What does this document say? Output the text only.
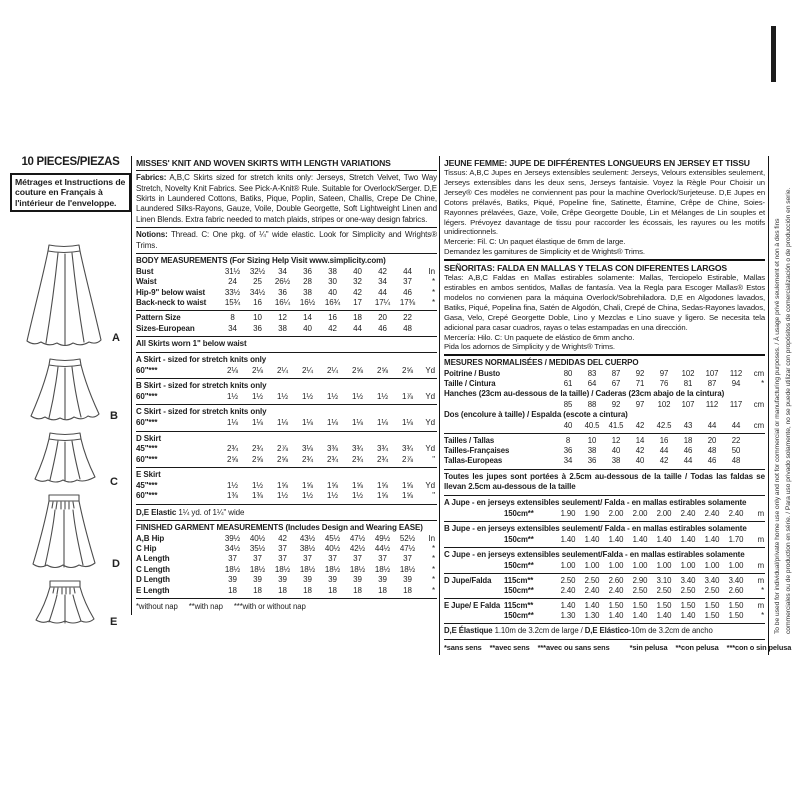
10 PIECES/PIEZAS
Métrages et Instructions de couture en Français à l'intérieur de l'enveloppe.
A
B
C
D
E
MISSES' KNIT AND WOVEN SKIRTS WITH LENGTH VARIATIONS
Fabrics: A,B,C Skirts sized for stretch knits only: Jerseys, Stretch Velvet, Two Way Stretch, Novelty Knit Fabrics. See Pick-A-Knit® Rule. Suitable for Overlock/Serger. D,E Skirts in Laundered Cottons, Batiks, Pique, Poplin, Sateen, Challis, Crepe De Chine, Laundered Silks-Rayons, Gauze, Voile, Double Georgette, Soft Lightweight Linen and Linen Blends. Extra fabric needed to match plaids, stripes or one-way design fabrics.
Notions: Thread. C: One pkg. of ¼" wide elastic. Look for Simplicity and Wrights® Trims.
BODY MEASUREMENTS (For Sizing Help Visit www.simplicity.com)
Bust	31½	32½	34	36	38	40	42	44	In
Waist	24	25	26½	28	30	32	34	37	*
Hip-9" below waist	33½	34½	36	38	40	42	44	46	*
Back-neck to waist	15¾	16	16¼	16½	16¾	17	17¼	17⅜	*
Pattern Size	8	10	12	14	16	18	20	22
Sizes-European	34	36	38	40	42	44	46	48
All Skirts worn 1" below waist
A Skirt - sized for stretch knits only
60"***	2⅛	2⅛	2¼	2¼	2¼	2⅝	2⅝	2⅝	Yd
B Skirt - sized for stretch knits only
60"***	1½	1½	1½	1½	1½	1½	1½	1⅞	Yd
C Skirt - sized for stretch knits only
60"***	1⅛	1⅛	1⅛	1⅛	1⅛	1⅛	1⅛	1⅛	Yd
D Skirt
45"***	2¾	2¾	2⅞	3⅛	3⅜	3¾	3¾	3¾	Yd
60"***	2⅝	2⅝	2⅝	2¾	2¾	2¾	2¾	2⅞	"
E Skirt
45"***	1½	1½	1⅝	1⅝	1⅝	1⅝	1⅝	1⅝	Yd
60"***	1⅜	1⅜	1½	1½	1½	1½	1⅝	1⅝	"
D,E Elastic 1¼ yd. of 1¼" wide
FINISHED GARMENT MEASUREMENTS (Includes Design and Wearing EASE)
A,B Hip	39½	40½	42	43½	45½	47½	49½	52½	In
C Hip	34½	35½	37	38½	40½	42½	44½	47½	*
A Length	37	37	37	37	37	37	37	37	*
C Length	18½	18½	18½	18½	18½	18½	18½	18½	*
D Length	39	39	39	39	39	39	39	39	*
E Length	18	18	18	18	18	18	18	18	*
*without nap **with nap ***with or without nap
JEUNE FEMME: JUPE DE DIFFÉRENTES LONGUEURS EN JERSEY ET TISSU
Tissus: A,B,C Jupes en Jerseys extensibles seulement: Jerseys, Velours extensibles seulement, Jerseys extensibles dans les deux sens, Jerseys fantaisie. Voyez la Règle Pour Choisir un Jersey® Ces modèles ne conviennent pas pour la machine Overlock/Surjeteuse. D,E Jupes en Cotons prélavés, Batiks, Piqué, Popeline fine, Satinette, Étamine, Crêpe de Chine, Soies-Rayonnes prélavées, Gaze, Voile, Crêpe Georgette Double, Lin et Mélanges de Lin souples et légers. Prévoyez davantage de tissu pour raccorder les écossais, les rayures ou les motifs unidirectionnels.
Mercerie: Fil. C: Un paquet élastique de 6mm de large.
Demandez les garnitures de Simplicity et de Wrights® Trims.
SEÑORITAS: FALDA EN MALLAS Y TELAS CON DIFERENTES LARGOS
Telas: A,B,C Faldas en Mallas estirables solamente: Mallas, Terciopelo Estirable, Mallas estirables en ambos sentidos, Mallas de fantasía. Vea la Regla para Escoger Mallas® Estos modelos no convienen para la máquina Overlock/Sobrehiladora. D,E en Algodones lavados, Batiks, Piqué, Popelina fina, Satén de Algodón, Chali, Crepé de China, Sedas-Rayones lavados, Gasa, Velo, Crepé Georgette Doble, Lino y Mezclas e Lino suave y ligero. Se necesita tela adicional para casar cuadros, rayas o telas estampadas en una dirección.
Mercería: Hilo. C: Un paquete de elástico de 6mm ancho.
Pida los adornos de Simplicity y de Wrights® Trims.
MESURES NORMALISÉES / MEDIDAS DEL CUERPO
Poitrine / Busto	80	83	87	92	97	102	107	112	cm
Taille / Cintura	61	64	67	71	76	81	87	94	*
Hanches (23cm au-dessous de la taille) / Caderas (23cm abajo de la cintura)
85	88	92	97	102	107	112	117	cm
Dos (encolure à taille) / Espalda (escote a cintura)
40	40.5	41.5	42	42.5	43	44	44	cm
Tailles / Tallas	8	10	12	14	16	18	20	22
Tailles-Françaises	36	38	40	42	44	46	48	50
Tallas-Europeas	34	36	38	40	42	44	46	48
Toutes les jupes sont portées à 2.5cm au-dessous de la taille / Todas las faldas se llevan 2.5cm au-dessous de la taille
A Jupe - en jerseys extensibles seulement/ Falda - en mallas estirables solamente
150cm**	1.90	1.90	2.00	2.00	2.00	2.40	2.40	2.40	m
B Jupe - en jerseys extensibles seulement/ Falda - en mallas estirables solamente
150cm**	1.40	1.40	1.40	1.40	1.40	1.40	1.40	1.70	m
C Jupe - en jerseys extensibles seulement/Falda - en mallas estirables solamente
150cm**	1.00	1.00	1.00	1.00	1.00	1.00	1.00	1.00	m
D Jupe/Falda	115cm**	2.50	2.50	2.60	2.90	3.10	3.40	3.40	3.40	m
150cm**	2.40	2.40	2.40	2.50	2.50	2.50	2.50	2.60	*
E Jupe/ E Falda 115cm**	1.40	1.40	1.50	1.50	1.50	1.50	1.50	1.50	m
150cm**	1.30	1.30	1.40	1.40	1.40	1.40	1.50	1.50	*
D,E Élastique 1.10m de 3.2cm de large / D,E Elástico-10m de 3.2cm de ancho
*sans sens **avec sens ***avec ou sans sens	*sin pelusa **con pelusa ***con o sin pelusa
To be used for individual/private home use only and not for commercial or manufacturing purposes. / À usage privé seulement et non à des fins commerciales ou de production en série. / Para uso privado solamente, no se puede utilizar con propósitos de comercialización o de producción en serie.
